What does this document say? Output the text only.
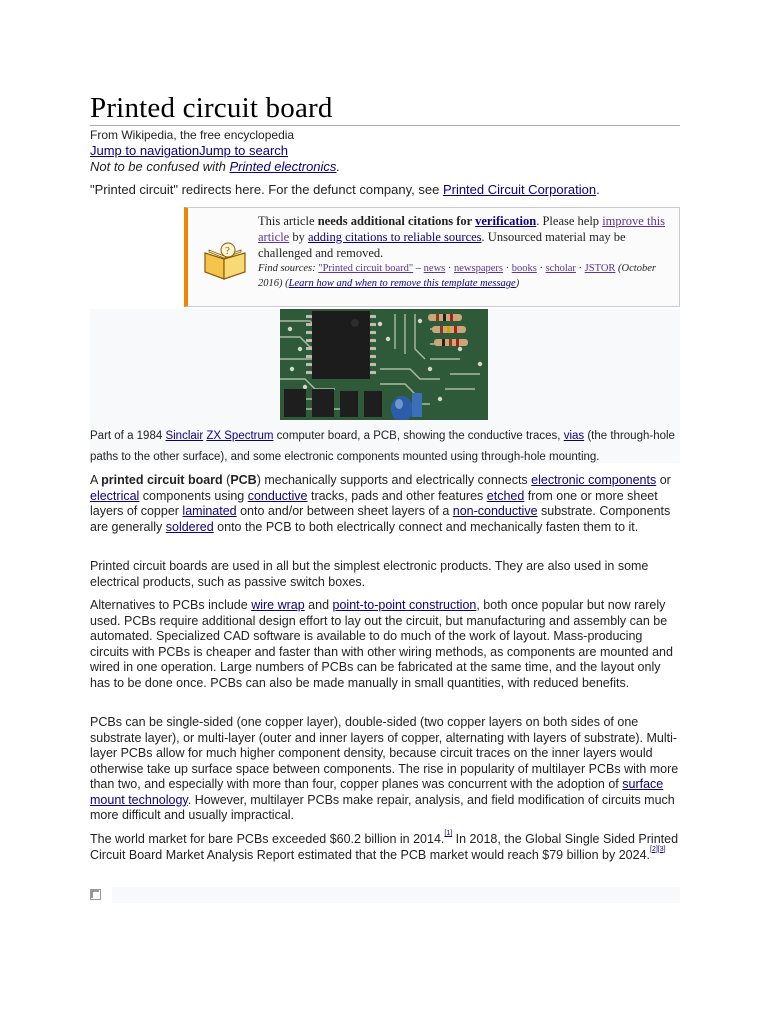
Printed circuit board
From Wikipedia, the free encyclopedia
Jump to navigationJump to search
Not to be confused with Printed electronics.
"Printed circuit" redirects here. For the defunct company, see Printed Circuit Corporation.
?
This article needs additional citations for verification. Please help improve this article by adding citations to reliable sources. Unsourced material may be challenged and removed.
Find sources: "Printed circuit board" – news · newspapers · books · scholar · JSTOR (October 2016) (Learn how and when to remove this template message)
Part of a 1984 Sinclair ZX Spectrum computer board, a PCB, showing the conductive traces, vias (the through-hole paths to the other surface), and some electronic components mounted using through-hole mounting.
A printed circuit board (PCB) mechanically supports and electrically connects electronic components or electrical components using conductive tracks, pads and other features etched from one or more sheet layers of copper laminated onto and/or between sheet layers of a non-conductive substrate. Components are generally soldered onto the PCB to both electrically connect and mechanically fasten them to it.
Printed circuit boards are used in all but the simplest electronic products. They are also used in some electrical products, such as passive switch boxes.
Alternatives to PCBs include wire wrap and point-to-point construction, both once popular but now rarely used. PCBs require additional design effort to lay out the circuit, but manufacturing and assembly can be automated. Specialized CAD software is available to do much of the work of layout. Mass-producing circuits with PCBs is cheaper and faster than with other wiring methods, as components are mounted and wired in one operation. Large numbers of PCBs can be fabricated at the same time, and the layout only has to be done once. PCBs can also be made manually in small quantities, with reduced benefits.
PCBs can be single-sided (one copper layer), double-sided (two copper layers on both sides of one substrate layer), or multi-layer (outer and inner layers of copper, alternating with layers of substrate). Multi-layer PCBs allow for much higher component density, because circuit traces on the inner layers would otherwise take up surface space between components. The rise in popularity of multilayer PCBs with more than two, and especially with more than four, copper planes was concurrent with the adoption of surface mount technology. However, multilayer PCBs make repair, analysis, and field modification of circuits much more difficult and usually impractical.
The world market for bare PCBs exceeded $60.2 billion in 2014.[1] In 2018, the Global Single Sided Printed Circuit Board Market Analysis Report estimated that the PCB market would reach $79 billion by 2024.[2][3]
